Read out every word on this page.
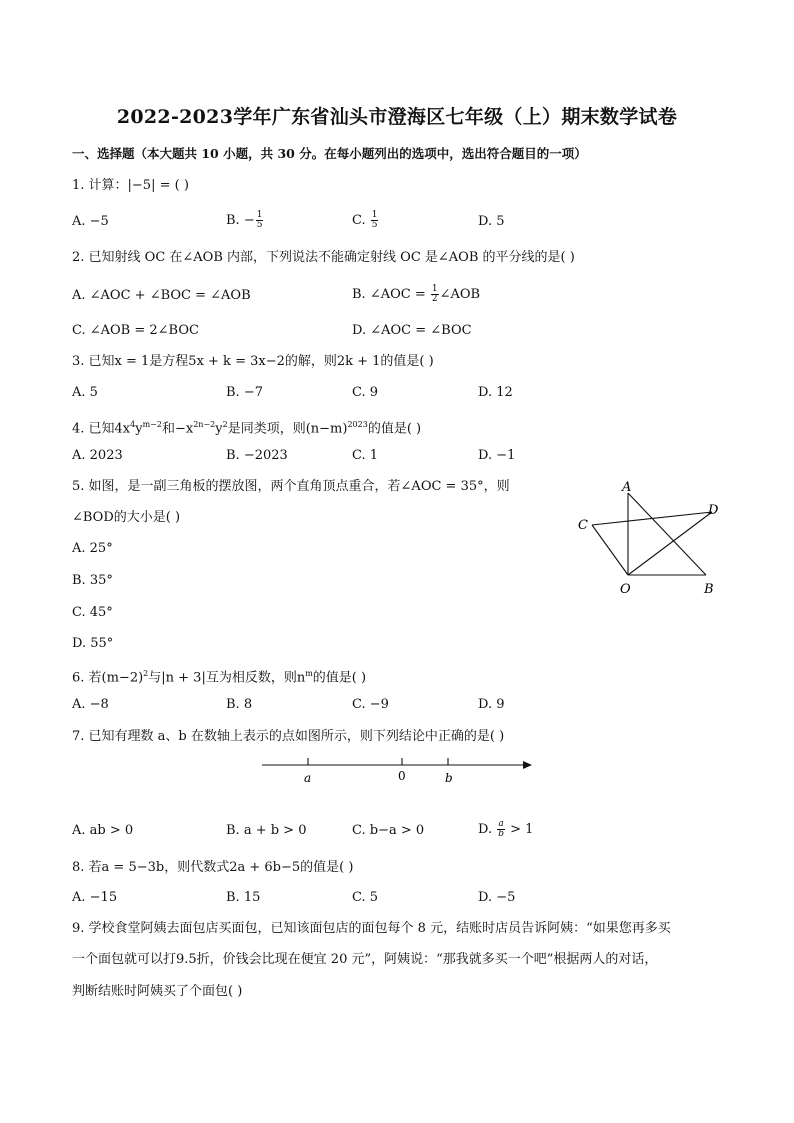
2022-2023学年广东省汕头市澄海区七年级（上）期末数学试卷
一、选择题（本大题共 10 小题，共 30 分。在每小题列出的选项中，选出符合题目的一项）
1. 计算：|−5| = ( )
A. −5	B. − $\frac{1}{5}$	C. $\frac{1}{5}$	D. 5
2. 已知射线 OC 在∠AOB 内部，下列说法不能确定射线 OC 是∠AOB 的平分线的是( )
A. ∠AOC + ∠BOC = ∠AOB	B. ∠AOC = $\frac{1}{2}$ ∠AOB
C. ∠AOB = 2∠BOC	D. ∠AOC = ∠BOC
3. 已知x = 1是方程5x + k = 3x−2的解，则2k + 1的值是( )
A. 5	B. −7	C. 9	D. 12
4. 已知$4x^4y^{m-2}$和$-x^{2n-2}y^2$是同类项，则$(n-m)^{2023}$的值是( )
A. 2023	B. −2023	C. 1	D. −1
5. 如图，是一副三角板的摆放图，两个直角顶点重合，若∠AOC = 35°，则
∠BOD的大小是( )
A. 25°
B. 35°
C. 45°
D. 55°
A
D
C
O	B
6. 若$(m-2)^2$与|n + 3|互为相反数，则$n^m$的值是( )
A. −8	B. 8	C. −9	D. 9
7. 已知有理数 a、b 在数轴上表示的点如图所示，则下列结论中正确的是( )
a	0	b
A. ab > 0	B. a + b > 0	C. b−a > 0	D. $\frac{a}{b} > 1$
8. 若a = 5−3b，则代数式2a + 6b−5的值是( )
A. −15	B. 15	C. 5	D. −5
9. 学校食堂阿姨去面包店买面包，已知该面包店的面包每个 8 元，结账时店员告诉阿姨：“如果您再多买
一个面包就可以打9.5折，价钱会比现在便宜 20 元”，阿姨说：“那我就多买一个吧”根据两人的对话，
判断结账时阿姨买了个面包( )
